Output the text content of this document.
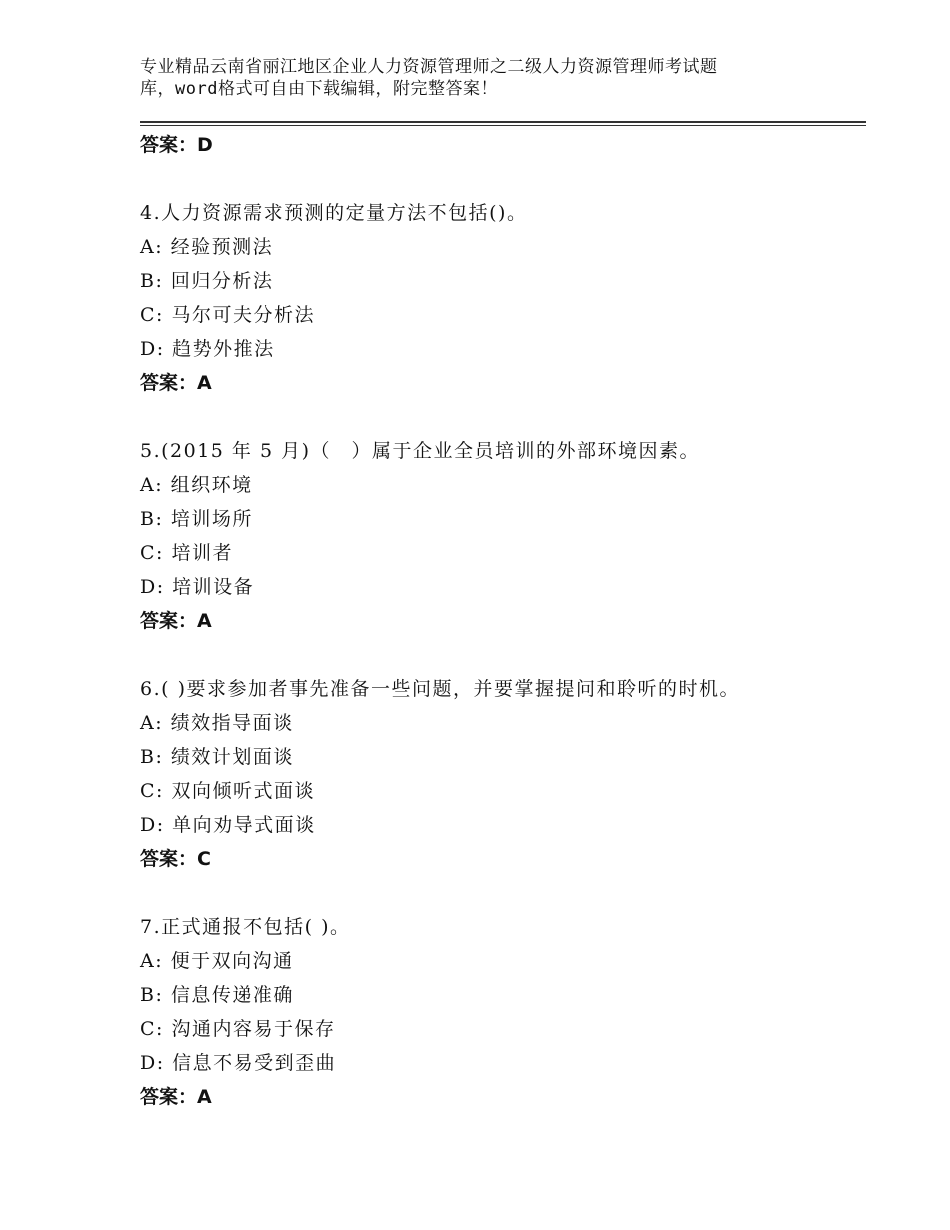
专业精品云南省丽江地区企业人力资源管理师之二级人力资源管理师考试题
库，word格式可自由下载编辑，附完整答案！
答案：D
4.人力资源需求预测的定量方法不包括()。
A: 经验预测法
B: 回归分析法
C: 马尔可夫分析法
D: 趋势外推法
答案：A
5.(2015 年 5 月)（　）属于企业全员培训的外部环境因素。
A: 组织环境
B: 培训场所
C: 培训者
D: 培训设备
答案：A
6.( )要求参加者事先准备一些问题，并要掌握提问和聆听的时机。
A: 绩效指导面谈
B: 绩效计划面谈
C: 双向倾听式面谈
D: 单向劝导式面谈
答案：C
7.正式通报不包括( )。
A: 便于双向沟通
B: 信息传递准确
C: 沟通内容易于保存
D: 信息不易受到歪曲
答案：A
